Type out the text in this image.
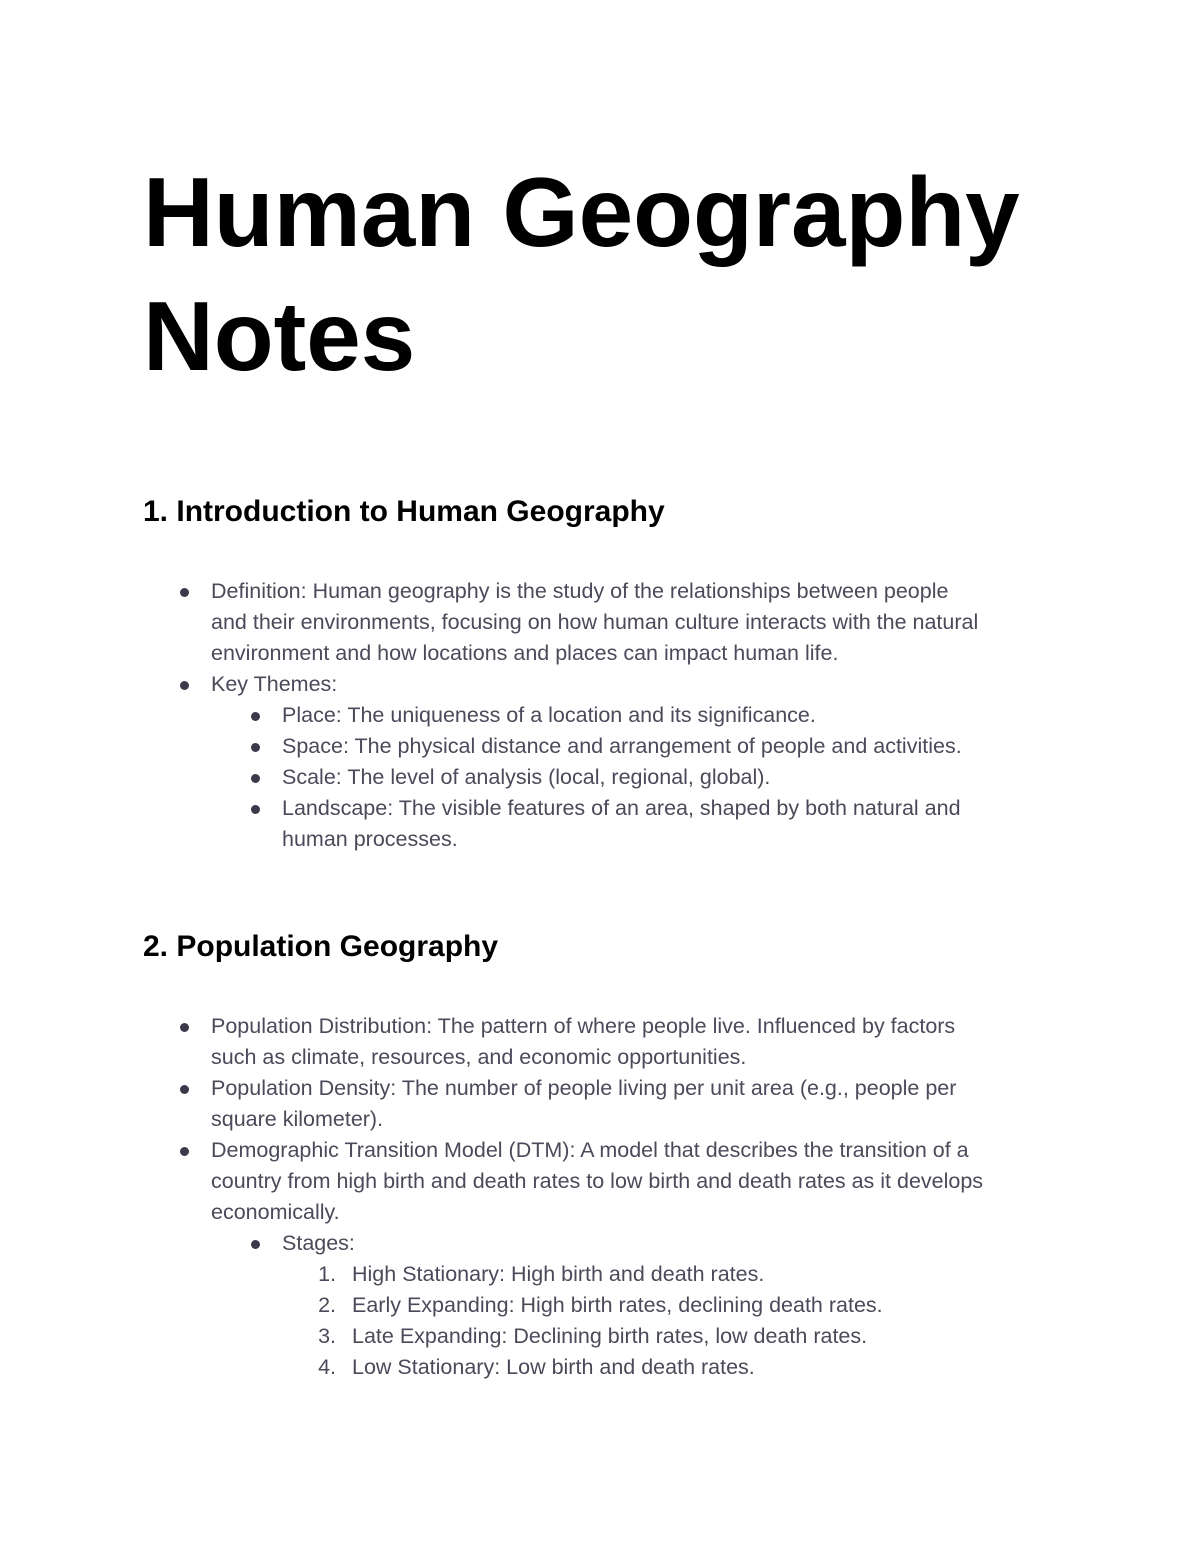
Human Geography
Notes
1. Introduction to Human Geography
Definition: Human geography is the study of the relationships between people
and their environments, focusing on how human culture interacts with the natural
environment and how locations and places can impact human life.
Key Themes:
Place: The uniqueness of a location and its significance.
Space: The physical distance and arrangement of people and activities.
Scale: The level of analysis (local, regional, global).
Landscape: The visible features of an area, shaped by both natural and
human processes.
2. Population Geography
Population Distribution: The pattern of where people live. Influenced by factors
such as climate, resources, and economic opportunities.
Population Density: The number of people living per unit area (e.g., people per
square kilometer).
Demographic Transition Model (DTM): A model that describes the transition of a
country from high birth and death rates to low birth and death rates as it develops
economically.
Stages:
1. High Stationary: High birth and death rates.
2. Early Expanding: High birth rates, declining death rates.
3. Late Expanding: Declining birth rates, low death rates.
4. Low Stationary: Low birth and death rates.
